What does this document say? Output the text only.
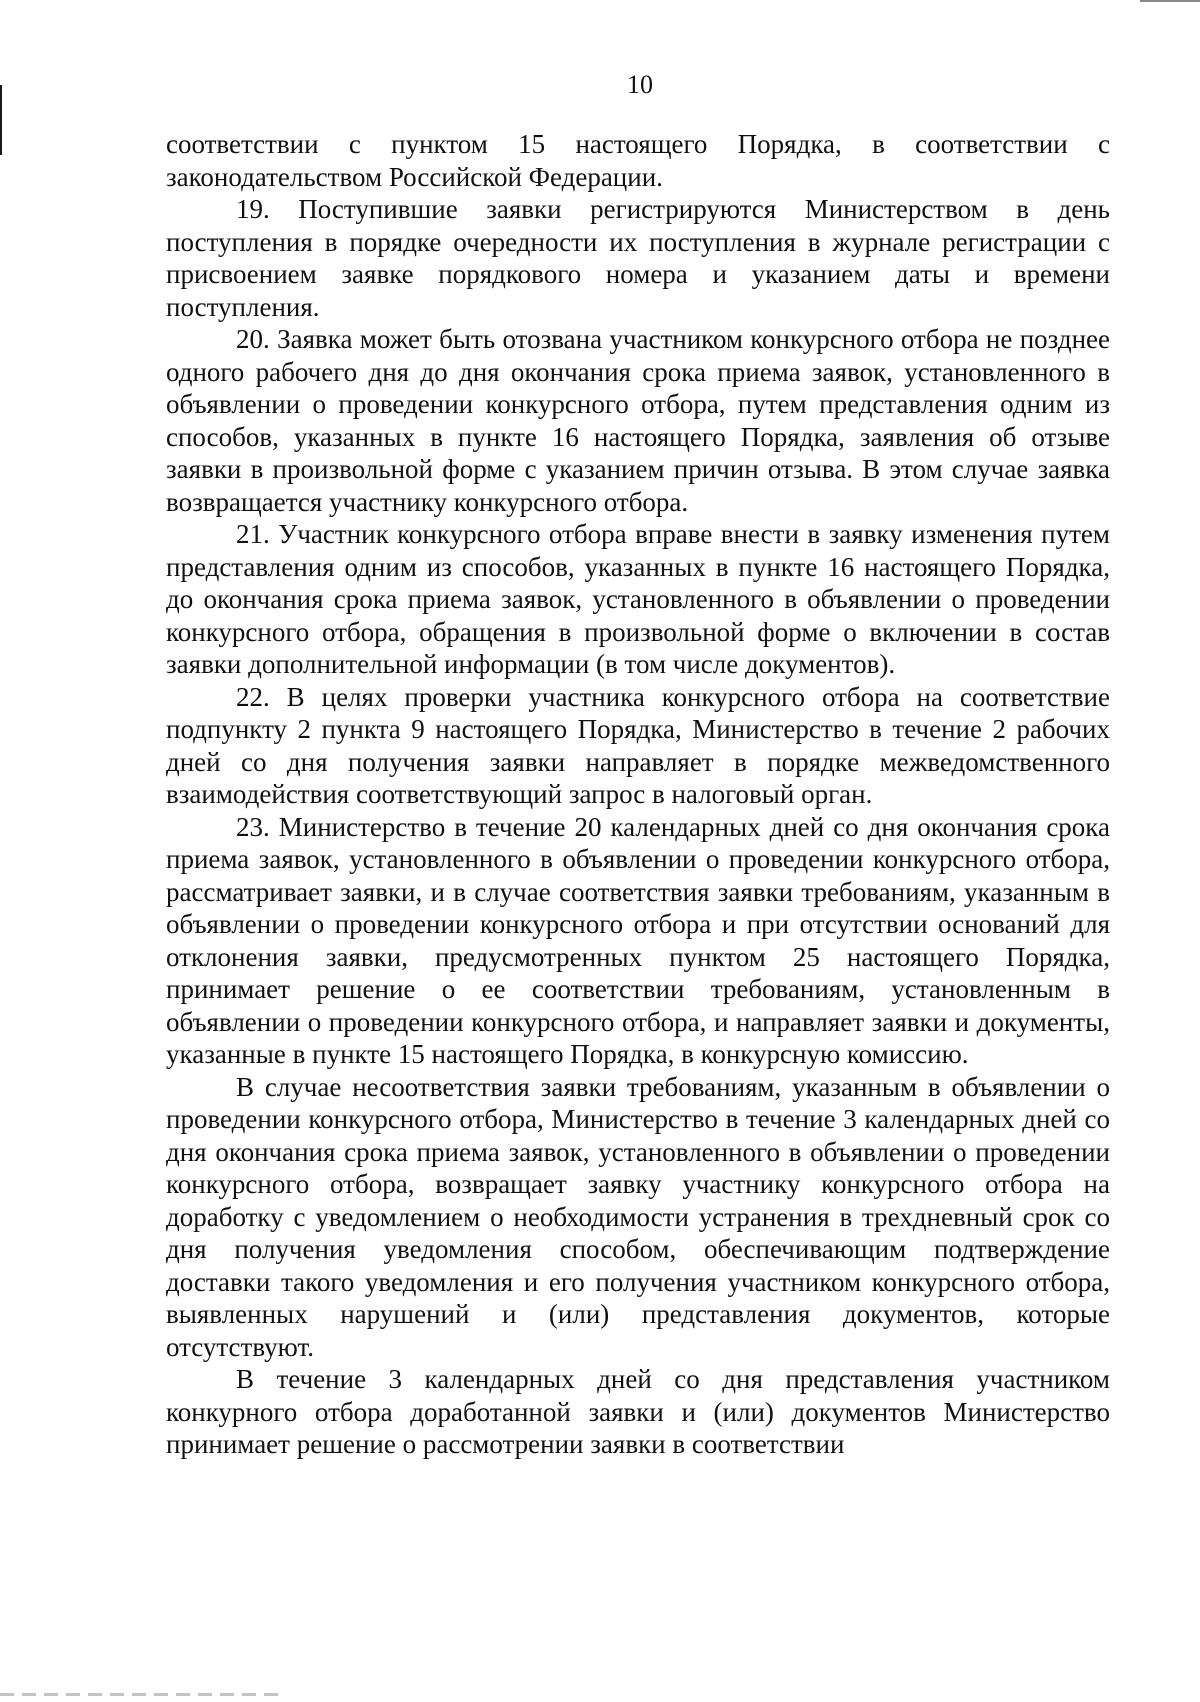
10

соответствии с пунктом 15 настоящего Порядка, в соответствии с законодательством Российской Федерации.

19. Поступившие заявки регистрируются Министерством в день поступления в порядке очередности их поступления в журнале регистрации с присвоением заявке порядкового номера и указанием даты и времени поступления.

20. Заявка может быть отозвана участником конкурсного отбора не позднее одного рабочего дня до дня окончания срока приема заявок, установленного в объявлении о проведении конкурсного отбора, путем представления одним из способов, указанных в пункте 16 настоящего Порядка, заявления об отзыве заявки в произвольной форме с указанием причин отзыва. В этом случае заявка возвращается участнику конкурсного отбора.

21. Участник конкурсного отбора вправе внести в заявку изменения путем представления одним из способов, указанных в пункте 16 настоящего Порядка, до окончания срока приема заявок, установленного в объявлении о проведении конкурсного отбора, обращения в произвольной форме о включении в состав заявки дополнительной информации (в том числе документов).

22. В целях проверки участника конкурсного отбора на соответствие подпункту 2 пункта 9 настоящего Порядка, Министерство в течение 2 рабочих дней со дня получения заявки направляет в порядке межведомственного взаимодействия соответствующий запрос в налоговый орган.

23. Министерство в течение 20 календарных дней со дня окончания срока приема заявок, установленного в объявлении о проведении конкурсного отбора, рассматривает заявки, и в случае соответствия заявки требованиям, указанным в объявлении о проведении конкурсного отбора и при отсутствии оснований для отклонения заявки, предусмотренных пунктом 25 настоящего Порядка, принимает решение о ее соответствии требованиям, установленным в объявлении о проведении конкурсного отбора, и направляет заявки и документы, указанные в пункте 15 настоящего Порядка, в конкурсную комиссию.

В случае несоответствия заявки требованиям, указанным в объявлении о проведении конкурсного отбора, Министерство в течение 3 календарных дней со дня окончания срока приема заявок, установленного в объявлении о проведении конкурсного отбора, возвращает заявку участнику конкурсного отбора на доработку с уведомлением о необходимости устранения в трехдневный срок со дня получения уведомления способом, обеспечивающим подтверждение доставки такого уведомления и его получения участником конкурсного отбора, выявленных нарушений и (или) представления документов, которые отсутствуют.

В течение 3 календарных дней со дня представления участником конкурного отбора доработанной заявки и (или) документов Министерство принимает решение о рассмотрении заявки в соответствии
